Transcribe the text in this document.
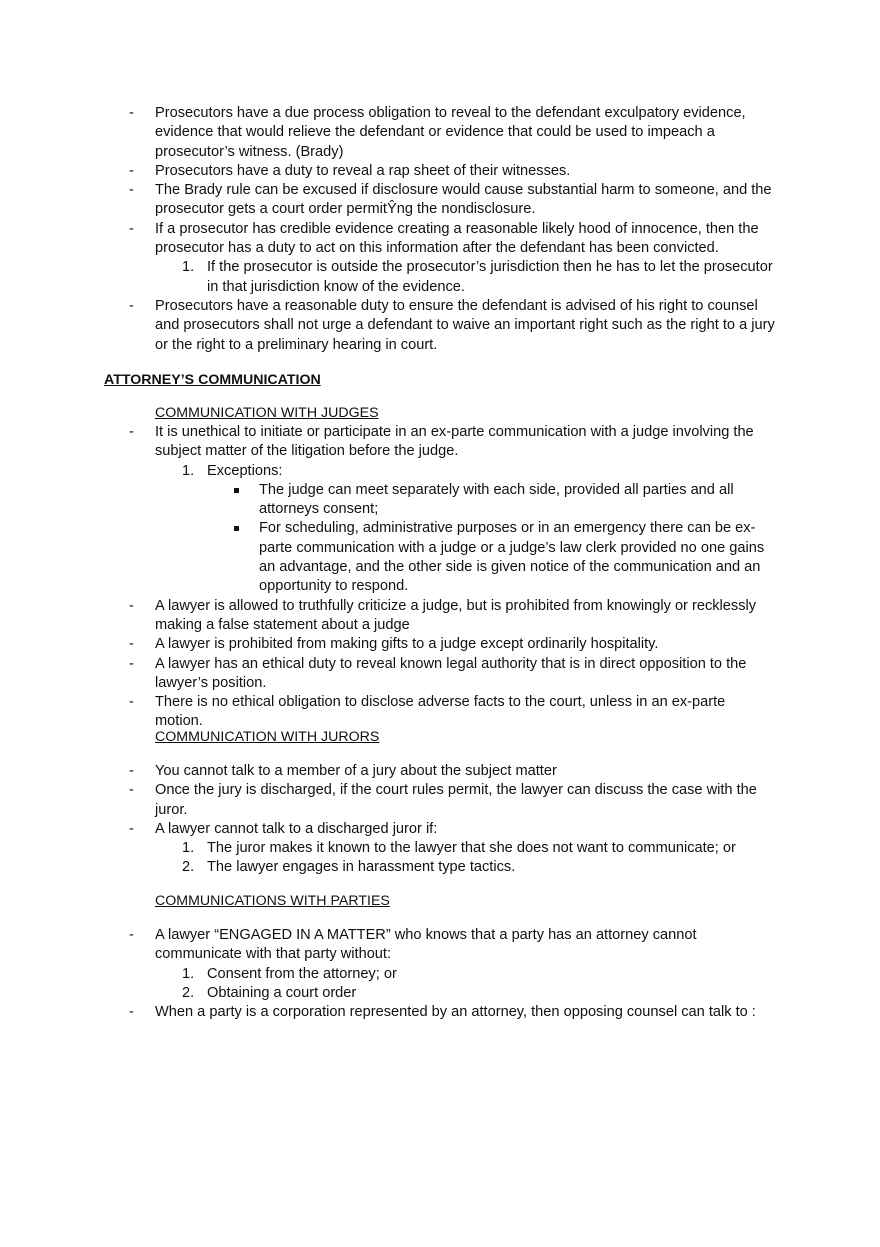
- Prosecutors have a due process obligation to reveal to the defendant exculpatory evidence, evidence that would relieve the defendant or evidence that could be used to impeach a prosecutor’s witness. (Brady)
- Prosecutors have a duty to reveal a rap sheet of their witnesses.
- The Brady rule can be excused if disclosure would cause substantial harm to someone, and the prosecutor gets a court order permitŶng the nondisclosure.
- If a prosecutor has credible evidence creating a reasonable likely hood of innocence, then the prosecutor has a duty to act on this information after the defendant has been convicted.
1. If the prosecutor is outside the prosecutor’s jurisdiction then he has to let the prosecutor in that jurisdiction know of the evidence.
- Prosecutors have a reasonable duty to ensure the defendant is advised of his right to counsel and prosecutors shall not urge a defendant to waive an important right such as the right to a jury or the right to a preliminary hearing in court.
ATTORNEY’S COMMUNICATION
COMMUNICATION WITH JUDGES
- It is unethical to initiate or participate in an ex-parte communication with a judge involving the subject matter of the litigation before the judge.
1. Exceptions:
The judge can meet separately with each side, provided all parties and all attorneys consent;
For scheduling, administrative purposes or in an emergency there can be ex-parte communication with a judge or a judge’s law clerk provided no one gains an advantage, and the other side is given notice of the communication and an opportunity to respond.
- A lawyer is allowed to truthfully criticize a judge, but is prohibited from knowingly or recklessly making a false statement about a judge
- A lawyer is prohibited from making gifts to a judge except ordinarily hospitality.
- A lawyer has an ethical duty to reveal known legal authority that is in direct opposition to the lawyer’s position.
- There is no ethical obligation to disclose adverse facts to the court, unless in an ex-parte motion.
COMMUNICATION WITH JURORS
- You cannot talk to a member of a jury about the subject matter
- Once the jury is discharged, if the court rules permit, the lawyer can discuss the case with the juror.
- A lawyer cannot talk to a discharged juror if:
1. The juror makes it known to the lawyer that she does not want to communicate; or
2. The lawyer engages in harassment type tactics.
COMMUNICATIONS WITH PARTIES
- A lawyer “ENGAGED IN A MATTER” who knows that a party has an attorney cannot communicate with that party without:
1. Consent from the attorney; or
2. Obtaining a court order
- When a party is a corporation represented by an attorney, then opposing counsel can talk to :
